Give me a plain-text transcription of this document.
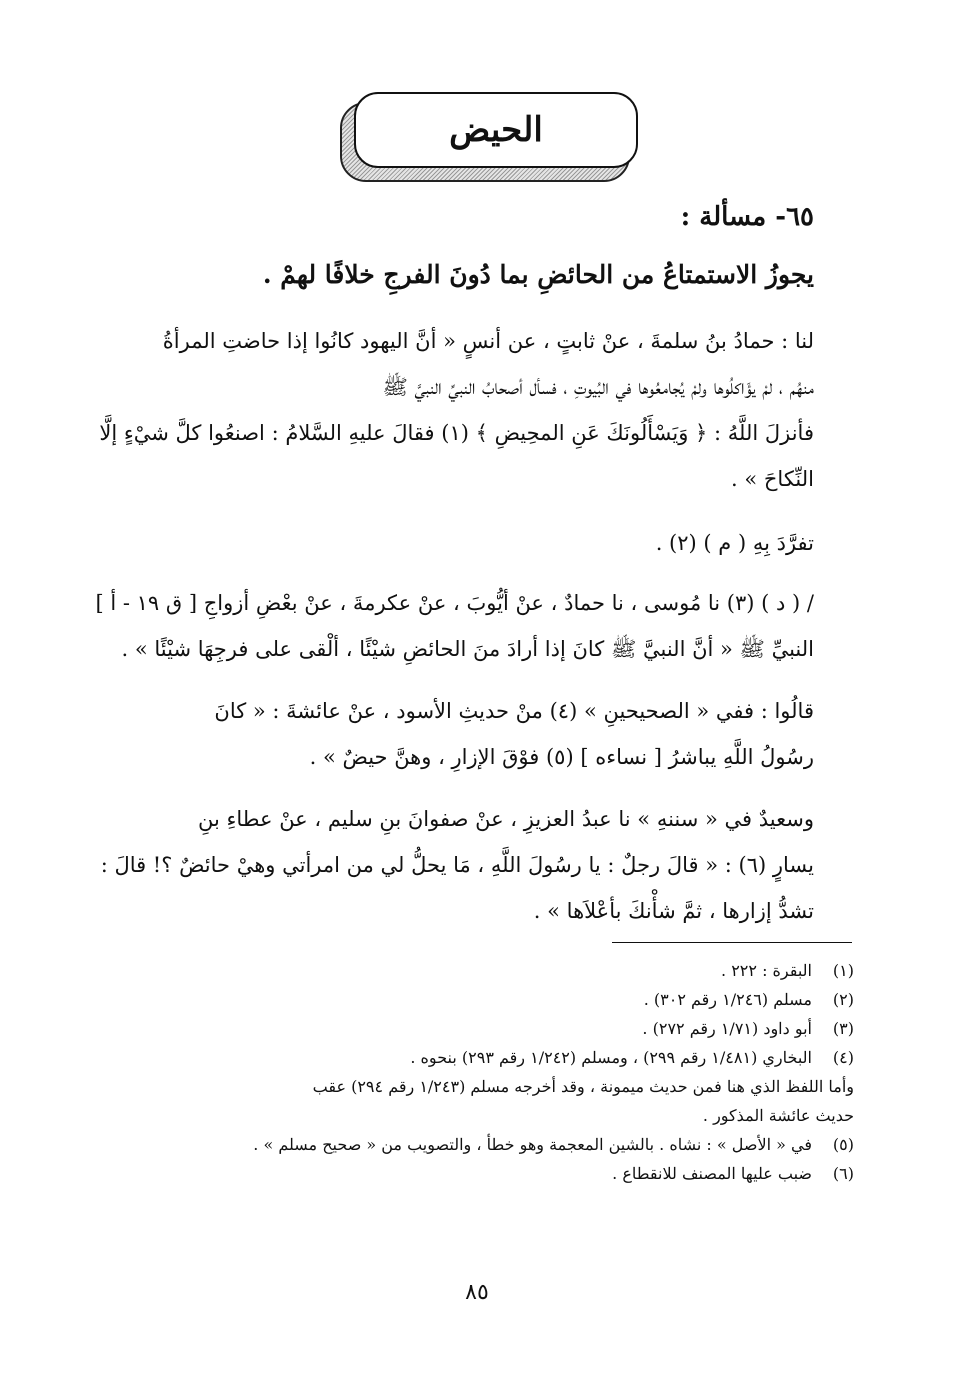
الحيض
٦٥- مسألة :
يجوزُ الاستمتاعُ من الحائضِ بما دُونَ الفرجِ خلافًا لهمْ .
لنا : حمادُ بنُ سلمةَ ، عنْ ثابتٍ ، عن أنسٍ « أنَّ اليهود كانُوا إذا حاضتِ المرأةُ
منهُم ، لمْ يؤَاكلُوها ولمْ يُجامعُوها في البُيوتِ ، فسأل أصحابُ النبيِّ النبيَّ ﷺ
فأنزلَ اللَّهُ : ﴿ وَيَسْأَلُونَكَ عَنِ المحِيضِ ﴾ (١) فقالَ عليهِ السَّلامُ : اصنعُوا كلَّ شيْءٍ إلَّا
النِّكاحَ » .
تفرَّدَ بِهِ ( م ) (٢) .
/ ( د ) (٣) نا مُوسى ، نا حمادٌ ، عنْ أيُّوبَ ، عنْ عكرمةَ ، عنْ بعْضِ أزواجِ [ ق ١٩ - أ ]
النبيِّ ﷺ « أنَّ النبيَّ ﷺ كانَ إذا أرادَ منَ الحائضِ شيْئًا ، ألْقى على فرجِهَا شيْئًا » .
قالُوا : ففي « الصحيحينِ » (٤) منْ حديثِ الأسود ، عنْ عائشةَ : « كانَ
رسُولُ اللَّهِ يباشرُ [ نساءه ] (٥) فوْقَ الإزارِ ، وهنَّ حيضٌ » .
وسعيدٌ في « سننهِ » نا عبدُ العزيزِ ، عنْ صفوانَ بنِ سليم ، عنْ عطاءِ بنِ
يسارٍ (٦) : « قالَ رجلٌ : يا رسُولَ اللَّهِ ، مَا يحلُّ لي من امرأتي وهيْ حائضٌ ؟! قالَ :
تشدُّ إزارها ، ثمَّ شأْنكَ بأعْلاَها » .
(١)
البقرة : ٢٢٢ .
(٢)
مسلم (١/٢٤٦ رقم ٣٠٢) .
(٣)
أبو داود (١/٧١ رقم ٢٧٢) .
(٤)
البخاري (١/٤٨١ رقم ٢٩٩) ، ومسلم (١/٢٤٢ رقم ٢٩٣) بنحوه .
وأما اللفظ الذي هنا فمن حديث ميمونة ، وقد أخرجه مسلم (١/٢٤٣ رقم ٢٩٤) عقب
حديث عائشة المذكور .
(٥)
في « الأصل » : نشاه . بالشين المعجمة وهو خطأ ، والتصويب من « صحيح مسلم » .
(٦)
ضبب عليها المصنف للانقطاع .
٨٥
